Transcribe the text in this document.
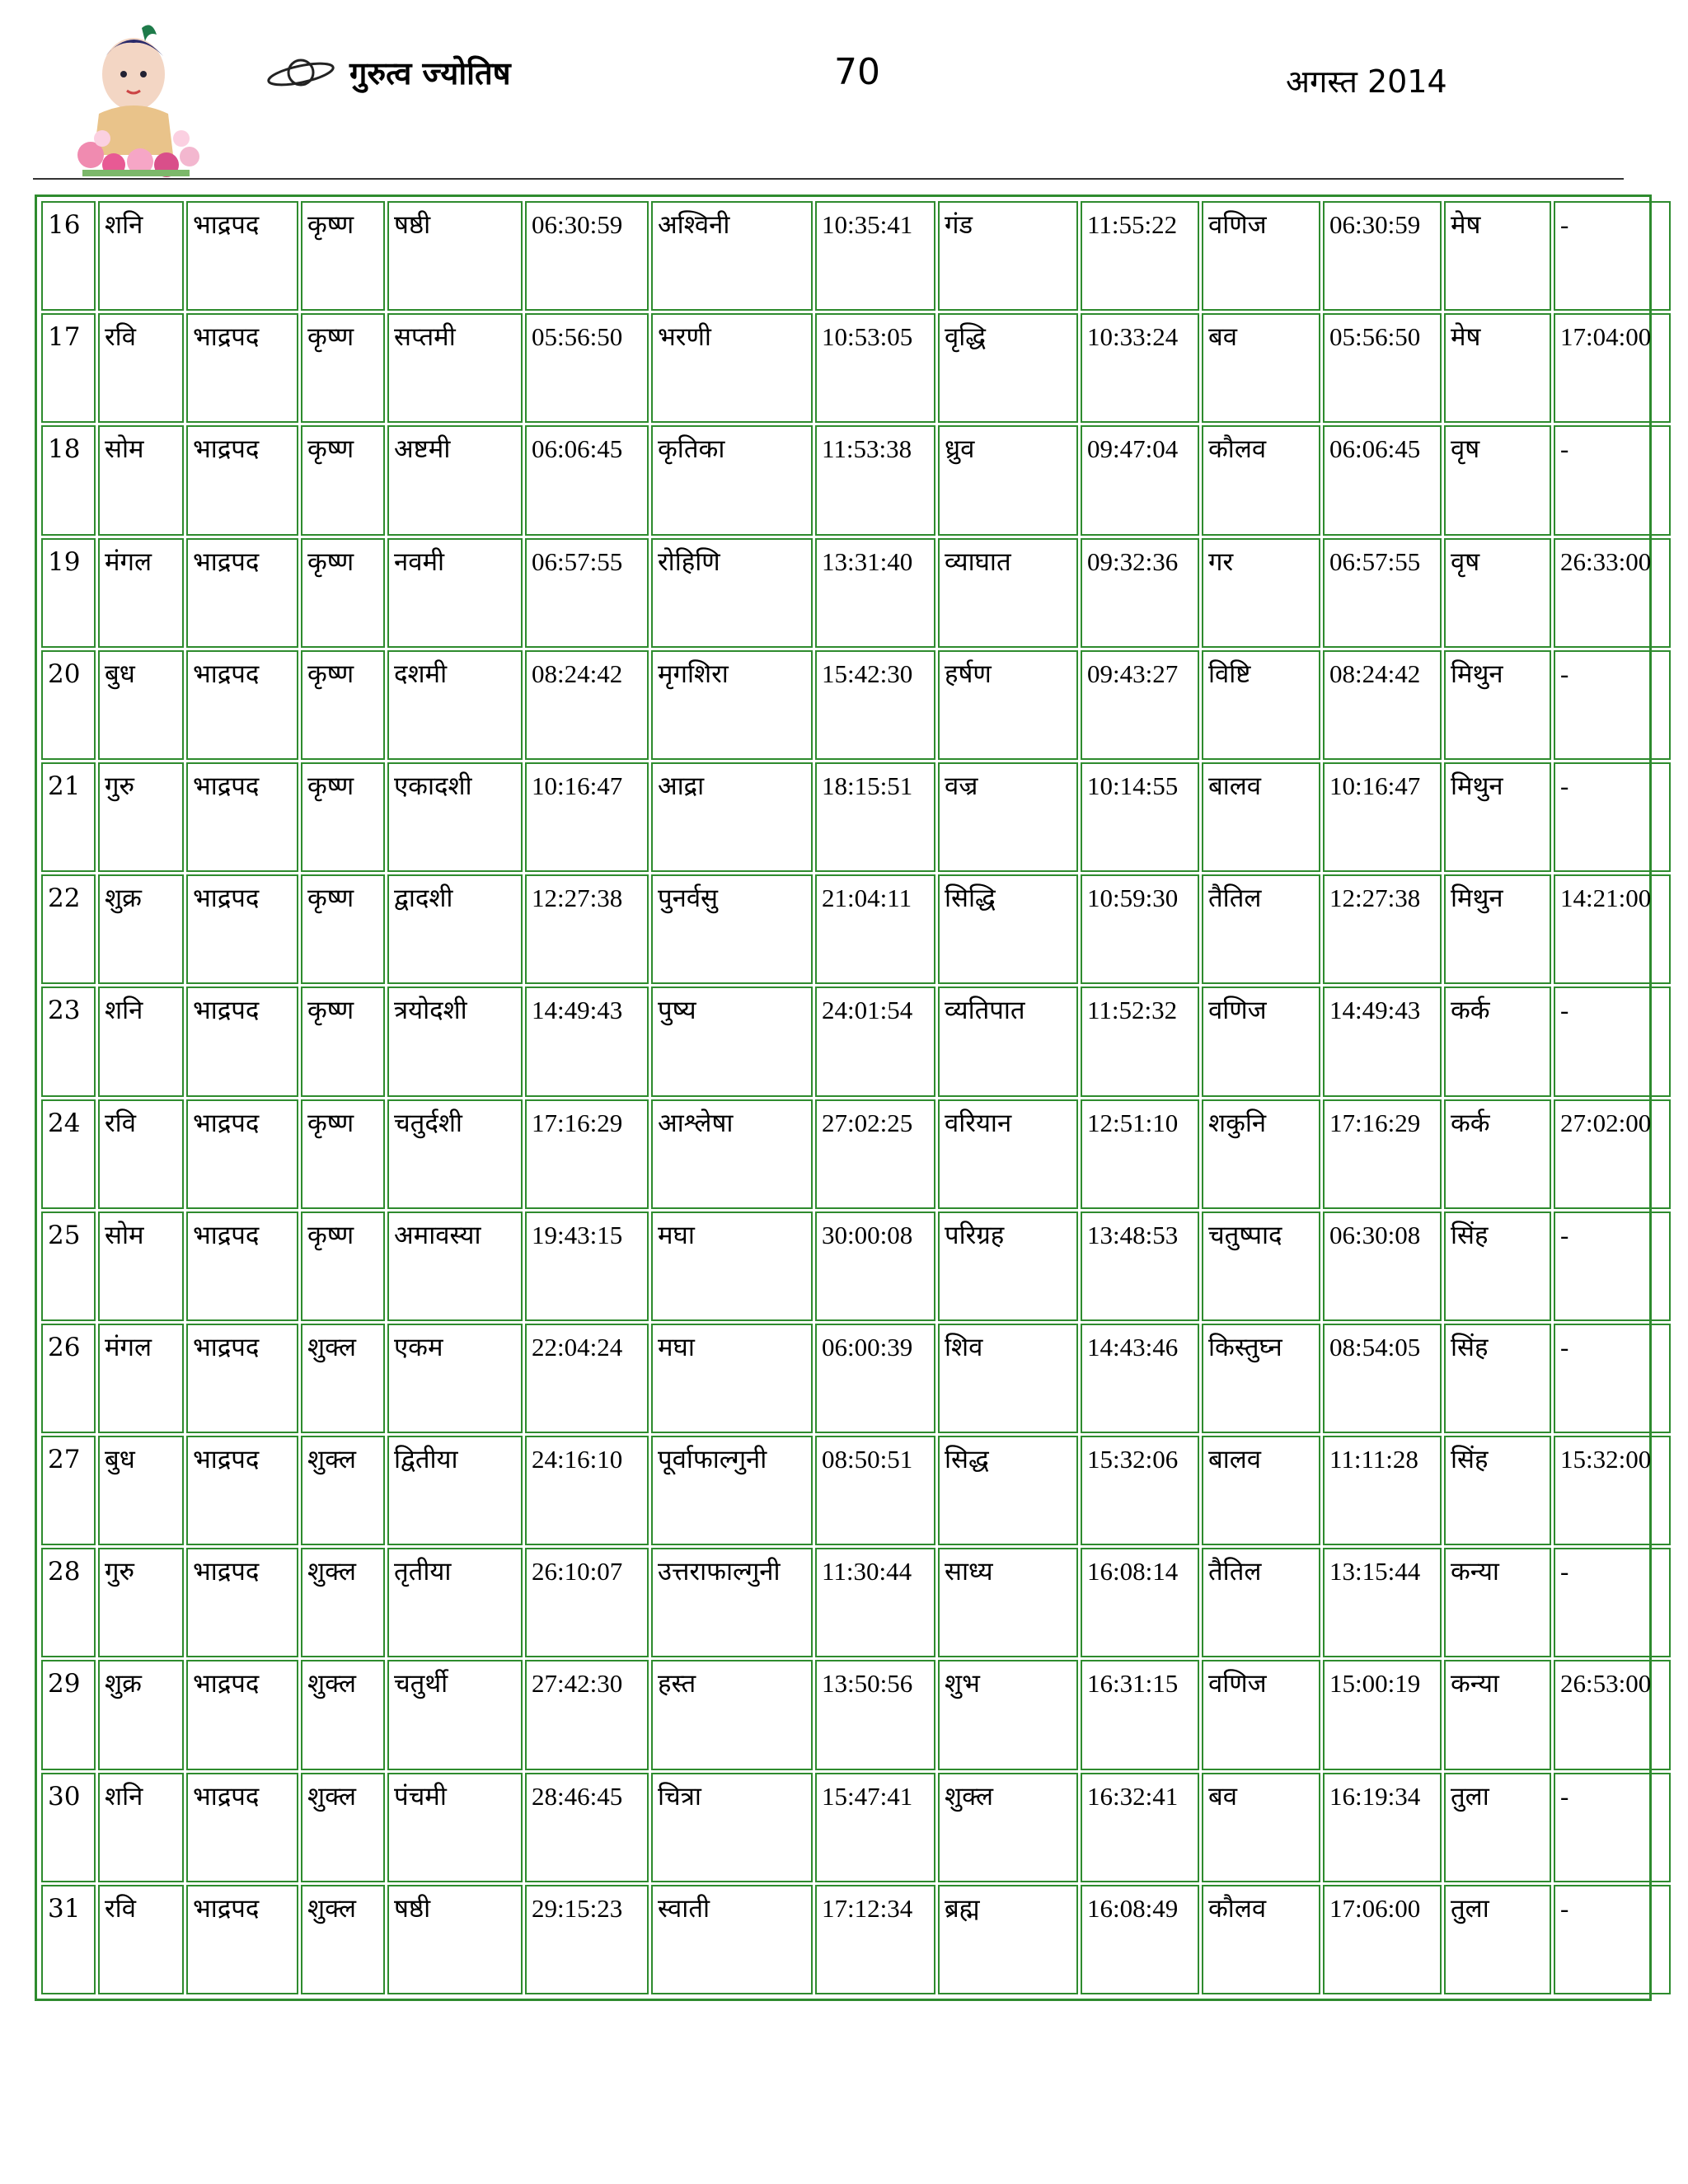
गुरुत्व ज्योतिष	70	अगस्त 2014
16	शनि	भाद्रपद	कृष्ण	षष्ठी	06:30:59	अश्विनी	10:35:41	गंड	11:55:22	वणिज	06:30:59	मेष	-
17	रवि	भाद्रपद	कृष्ण	सप्तमी	05:56:50	भरणी	10:53:05	वृद्धि	10:33:24	बव	05:56:50	मेष	17:04:00
18	सोम	भाद्रपद	कृष्ण	अष्टमी	06:06:45	कृतिका	11:53:38	ध्रुव	09:47:04	कौलव	06:06:45	वृष	-
19	मंगल	भाद्रपद	कृष्ण	नवमी	06:57:55	रोहिणि	13:31:40	व्याघात	09:32:36	गर	06:57:55	वृष	26:33:00
20	बुध	भाद्रपद	कृष्ण	दशमी	08:24:42	मृगशिरा	15:42:30	हर्षण	09:43:27	विष्टि	08:24:42	मिथुन	-
21	गुरु	भाद्रपद	कृष्ण	एकादशी	10:16:47	आद्रा	18:15:51	वज्र	10:14:55	बालव	10:16:47	मिथुन	-
22	शुक्र	भाद्रपद	कृष्ण	द्वादशी	12:27:38	पुनर्वसु	21:04:11	सिद्धि	10:59:30	तैतिल	12:27:38	मिथुन	14:21:00
23	शनि	भाद्रपद	कृष्ण	त्रयोदशी	14:49:43	पुष्य	24:01:54	व्यतिपात	11:52:32	वणिज	14:49:43	कर्क	-
24	रवि	भाद्रपद	कृष्ण	चतुर्दशी	17:16:29	आश्लेषा	27:02:25	वरियान	12:51:10	शकुनि	17:16:29	कर्क	27:02:00
25	सोम	भाद्रपद	कृष्ण	अमावस्या	19:43:15	मघा	30:00:08	परिग्रह	13:48:53	चतुष्पाद	06:30:08	सिंह	-
26	मंगल	भाद्रपद	शुक्ल	एकम	22:04:24	मघा	06:00:39	शिव	14:43:46	किस्तुघ्न	08:54:05	सिंह	-
27	बुध	भाद्रपद	शुक्ल	द्वितीया	24:16:10	पूर्वाफाल्गुनी	08:50:51	सिद्ध	15:32:06	बालव	11:11:28	सिंह	15:32:00
28	गुरु	भाद्रपद	शुक्ल	तृतीया	26:10:07	उत्तराफाल्गुनी	11:30:44	साध्य	16:08:14	तैतिल	13:15:44	कन्या	-
29	शुक्र	भाद्रपद	शुक्ल	चतुर्थी	27:42:30	हस्त	13:50:56	शुभ	16:31:15	वणिज	15:00:19	कन्या	26:53:00
30	शनि	भाद्रपद	शुक्ल	पंचमी	28:46:45	चित्रा	15:47:41	शुक्ल	16:32:41	बव	16:19:34	तुला	-
31	रवि	भाद्रपद	शुक्ल	षष्ठी	29:15:23	स्वाती	17:12:34	ब्रह्म	16:08:49	कौलव	17:06:00	तुला	-
